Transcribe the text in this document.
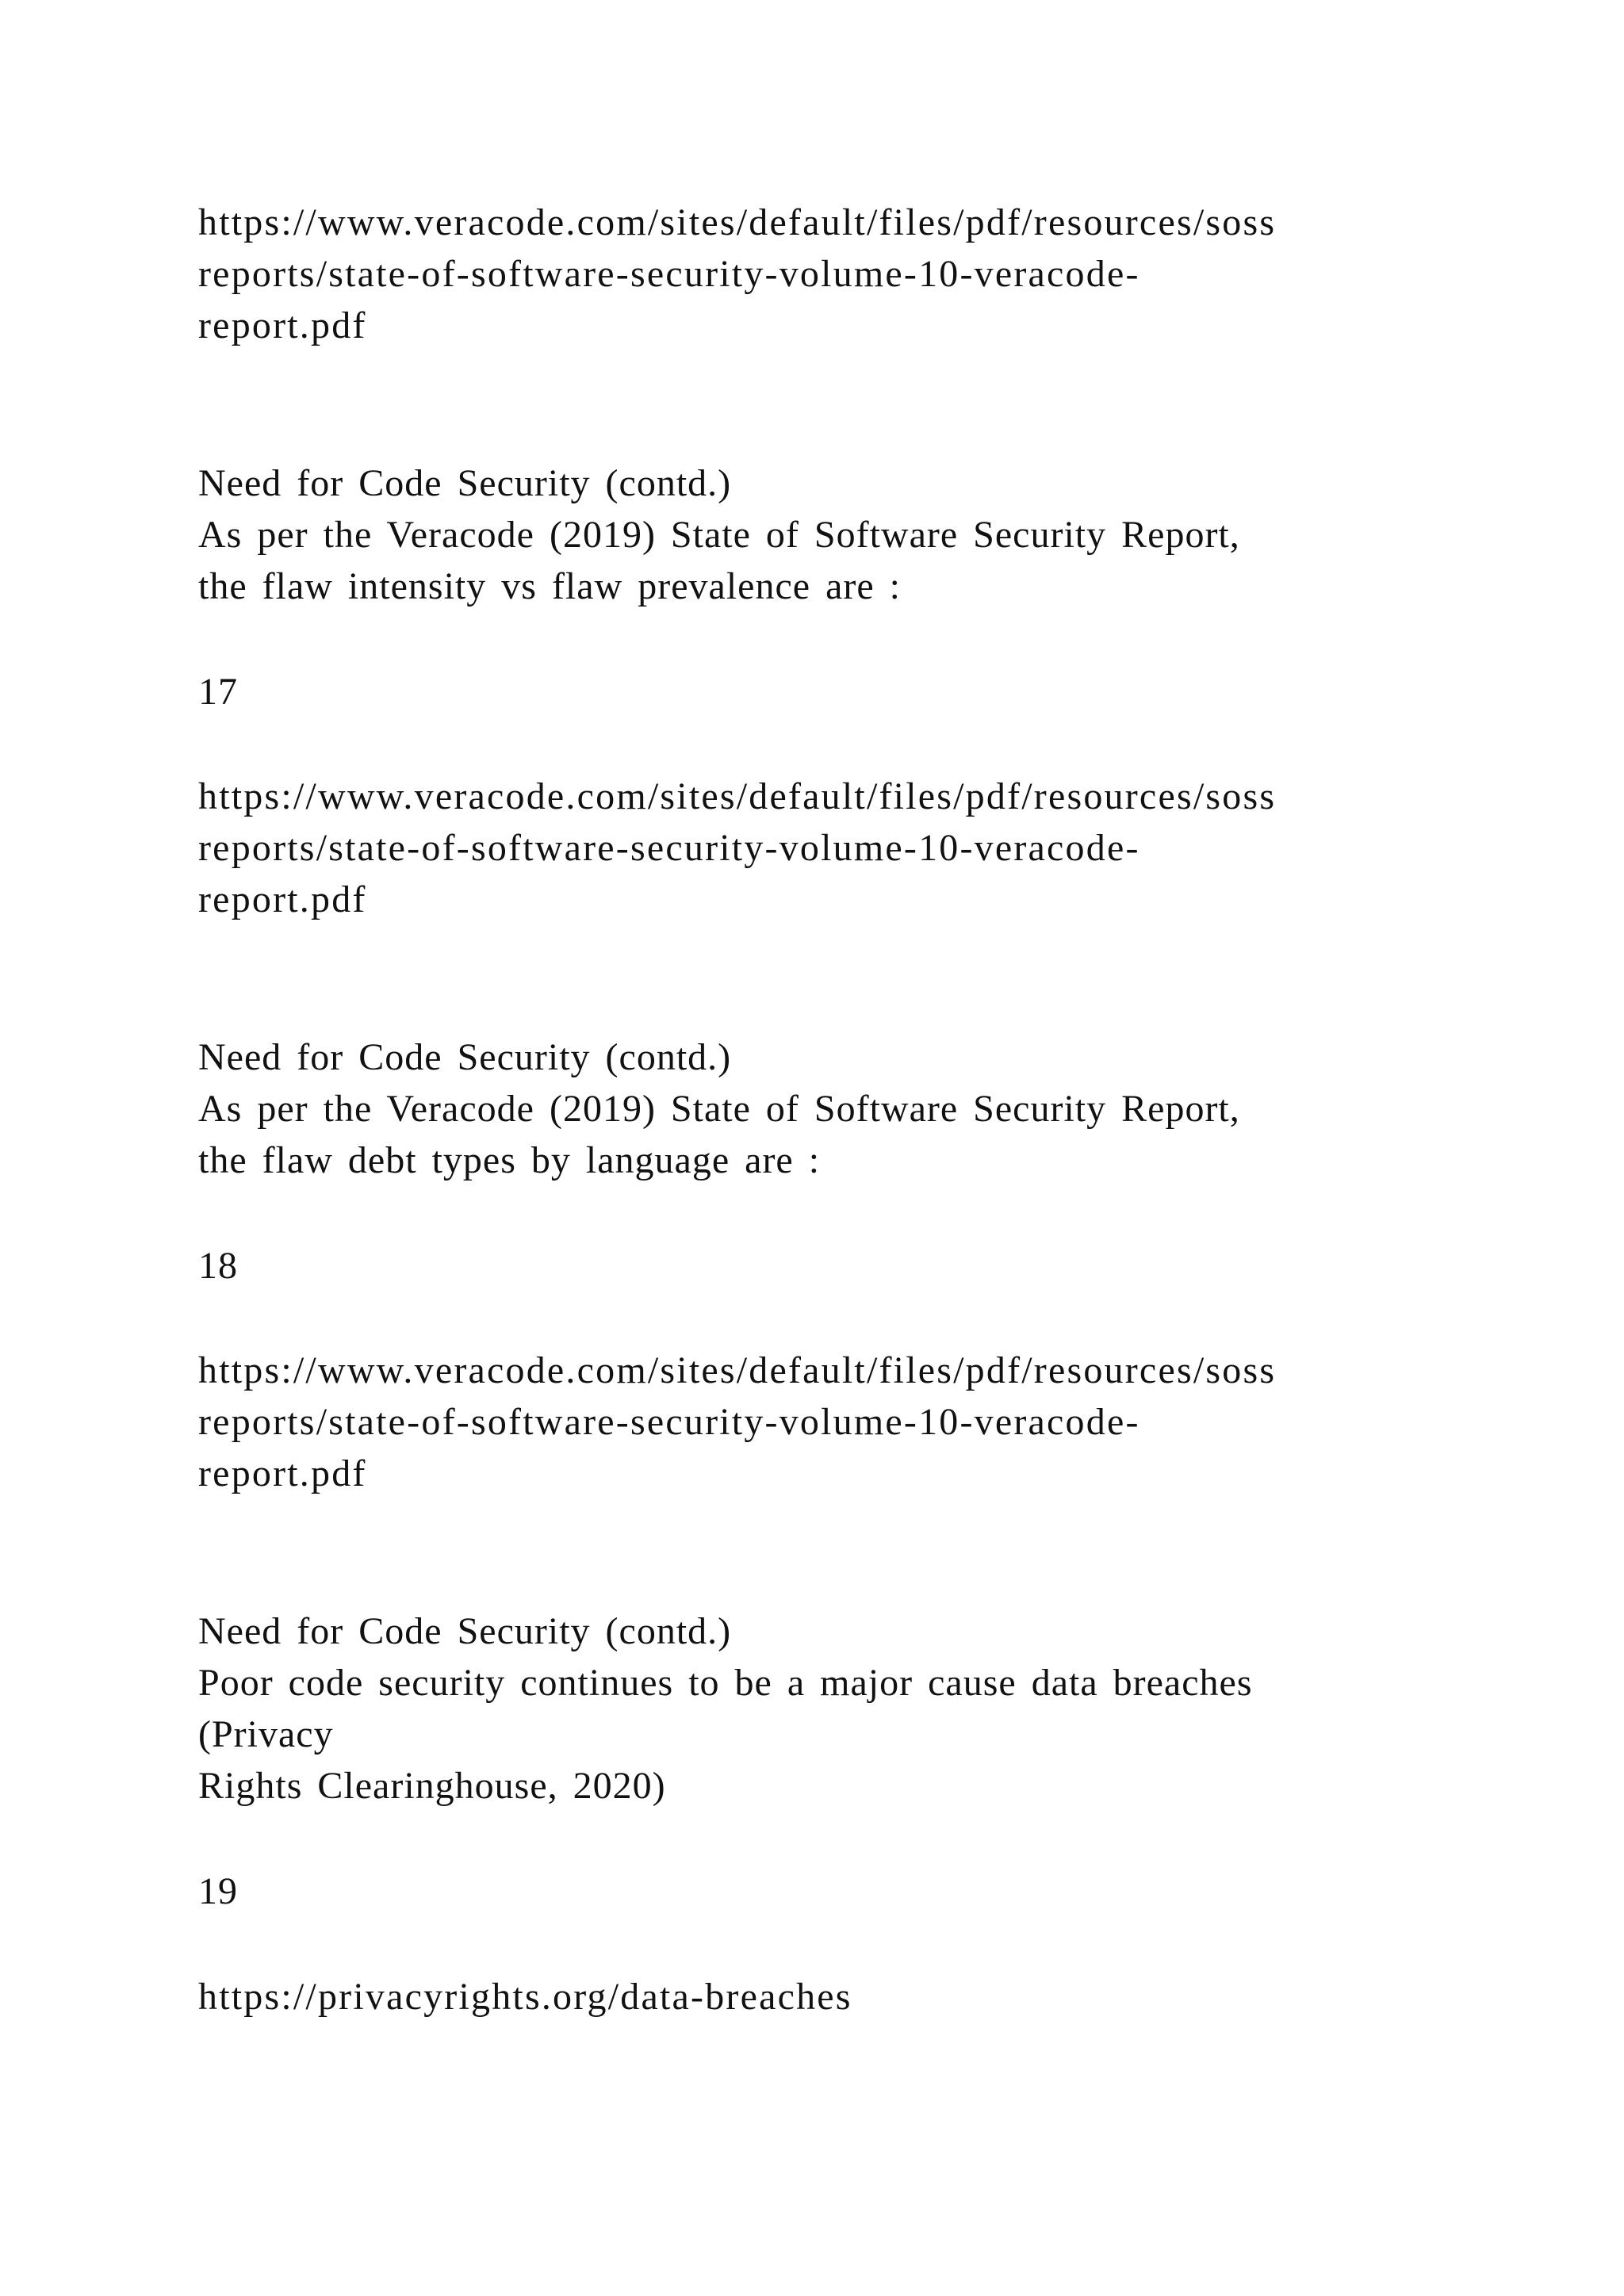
https://www.veracode.com/sites/default/files/pdf/resources/soss
reports/state-of-software-security-volume-10-veracode-
report.pdf
Need for Code Security (contd.)
As per the Veracode (2019) State of Software Security Report,
the flaw intensity vs flaw prevalence are :
17
https://www.veracode.com/sites/default/files/pdf/resources/soss
reports/state-of-software-security-volume-10-veracode-
report.pdf
Need for Code Security (contd.)
As per the Veracode (2019) State of Software Security Report,
the flaw debt types by language are :
18
https://www.veracode.com/sites/default/files/pdf/resources/soss
reports/state-of-software-security-volume-10-veracode-
report.pdf
Need for Code Security (contd.)
Poor code security continues to be a major cause data breaches
(Privacy
Rights Clearinghouse, 2020)
19
https://privacyrights.org/data-breaches
